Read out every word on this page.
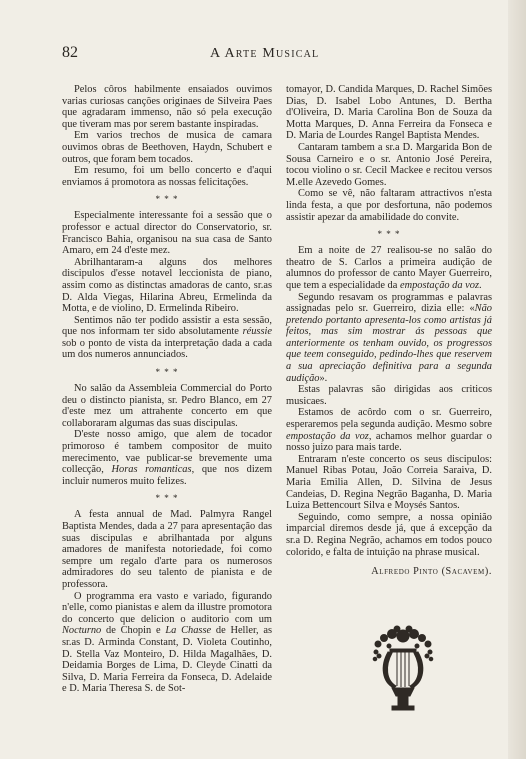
82	A Arte Musical

Pelos côros habilmente ensaiados ouvimos varias curiosas canções originaes de Silveira Paes que agradaram immenso, não só pela execução que tiveram mas por serem bastante inspiradas.

Em varios trechos de musica de camara ouvimos obras de Beethoven, Haydn, Schubert e outros, que foram bem tocados.

Em resumo, foi um bello concerto e d'aqui enviamos á promotora as nossas felicitações.

* * *

Especialmente interessante foi a sessão que o professor e actual director do Conservatorio, sr. Francisco Bahia, organisou na sua casa de Santo Amaro, em 24 d'este mez.

Abrilhantaram-a alguns dos melhores discipulos d'esse notavel leccionista de piano, assim como as distinctas amadoras de canto, sr.as D. Alda Viegas, Hilarina Abreu, Ermelinda da Motta, e de violino, D. Ermelinda Ribeiro.

Sentimos não ter podido assistir a esta sessão, que nos informam ter sido absolutamente réussie sob o ponto de vista da interpretação dada a cada um dos numeros annunciados.

* * *

No salão da Assembleia Commercial do Porto deu o distincto pianista, sr. Pedro Blanco, em 27 d'este mez um attrahente concerto em que collaboraram algumas das suas discipulas.

D'este nosso amigo, que alem de tocador primoroso é tambem compositor de muito merecimento, vae publicar-se brevemente uma collecção, Horas romanticas, que nos dizem incluir numeros muito felizes.

* * *

A festa annual de Mad. Palmyra Rangel Baptista Mendes, dada a 27 para apresentação das suas discipulas e abrilhantada por alguns amadores de manifesta notoriedade, foi como sempre um regalo d'arte para os numerosos admiradores do seu talento de pianista e de professora.

O programma era vasto e variado, figurando n'elle, como pianistas e alem da illustre promotora do concerto que delicion o auditorio com um Nocturno de Chopin e La Chasse de Heller, as sr.as D. Arminda Constant, D. Violeta Coutinho, D. Stella Vaz Monteiro, D. Hilda Magalhães, D. Deidamia Borges de Lima, D. Cleyde Cinatti da Silva, D. Maria Ferreira da Fonseca, D. Adelaide e D. Maria Theresa S. de Sot-

tomayor, D. Candida Marques, D. Rachel Simões Dias, D. Isabel Lobo Antunes, D. Bertha d'Oliveira, D. Maria Carolina Bon de Souza da Motta Marques, D. Anna Ferreira da Fonseca e D. Maria de Lourdes Rangel Baptista Mendes.

Cantaram tambem a sr.a D. Margarida Bon de Sousa Carneiro e o sr. Antonio José Pereira, tocou violino o sr. Cecil Mackee e recitou versos M.elle Azevedo Gomes.

Como se vê, não faltaram attractivos n'esta linda festa, a que por desfortuna, não podemos assistir apezar da amabilidade do convite.

* * *

Em a noite de 27 realisou-se no salão do theatro de S. Carlos a primeira audição de alumnos do professor de canto Mayer Guerreiro, que tem a especialidade da empostação da voz.

Segundo resavam os programmas e palavras assignadas pelo sr. Guerreiro, dizia elle: «Não pretendo portanto apresenta-los como artistas já feitos, mas sim mostrar ás pessoas que anteriormente os tenham ouvido, os progressos que teem conseguido, pedindo-lhes que reservem a sua apreciação definitiva para a segunda audição».

Estas palavras são dirigidas aos criticos musicaes.

Estamos de acôrdo com o sr. Guerreiro, esperaremos pela segunda audição. Mesmo sobre empostação da voz, achamos melhor guardar o nosso juizo para mais tarde.

Entraram n'este concerto os seus discipulos: Manuel Ribas Potau, João Correia Saraiva, D. Maria Emilia Allen, D. Silvina de Jesus Candeias, D. Regina Negrão Baganha, D. Maria Luiza Bettencourt Silva e Moysés Santos.

Seguindo, como sempre, a nossa opinião imparcial diremos desde já, que á excepção da sr.a D. Regina Negrão, achamos em todos pouco colorido, e falta de intuição na phrase musical.

Alfredo Pinto (Sacavem).
